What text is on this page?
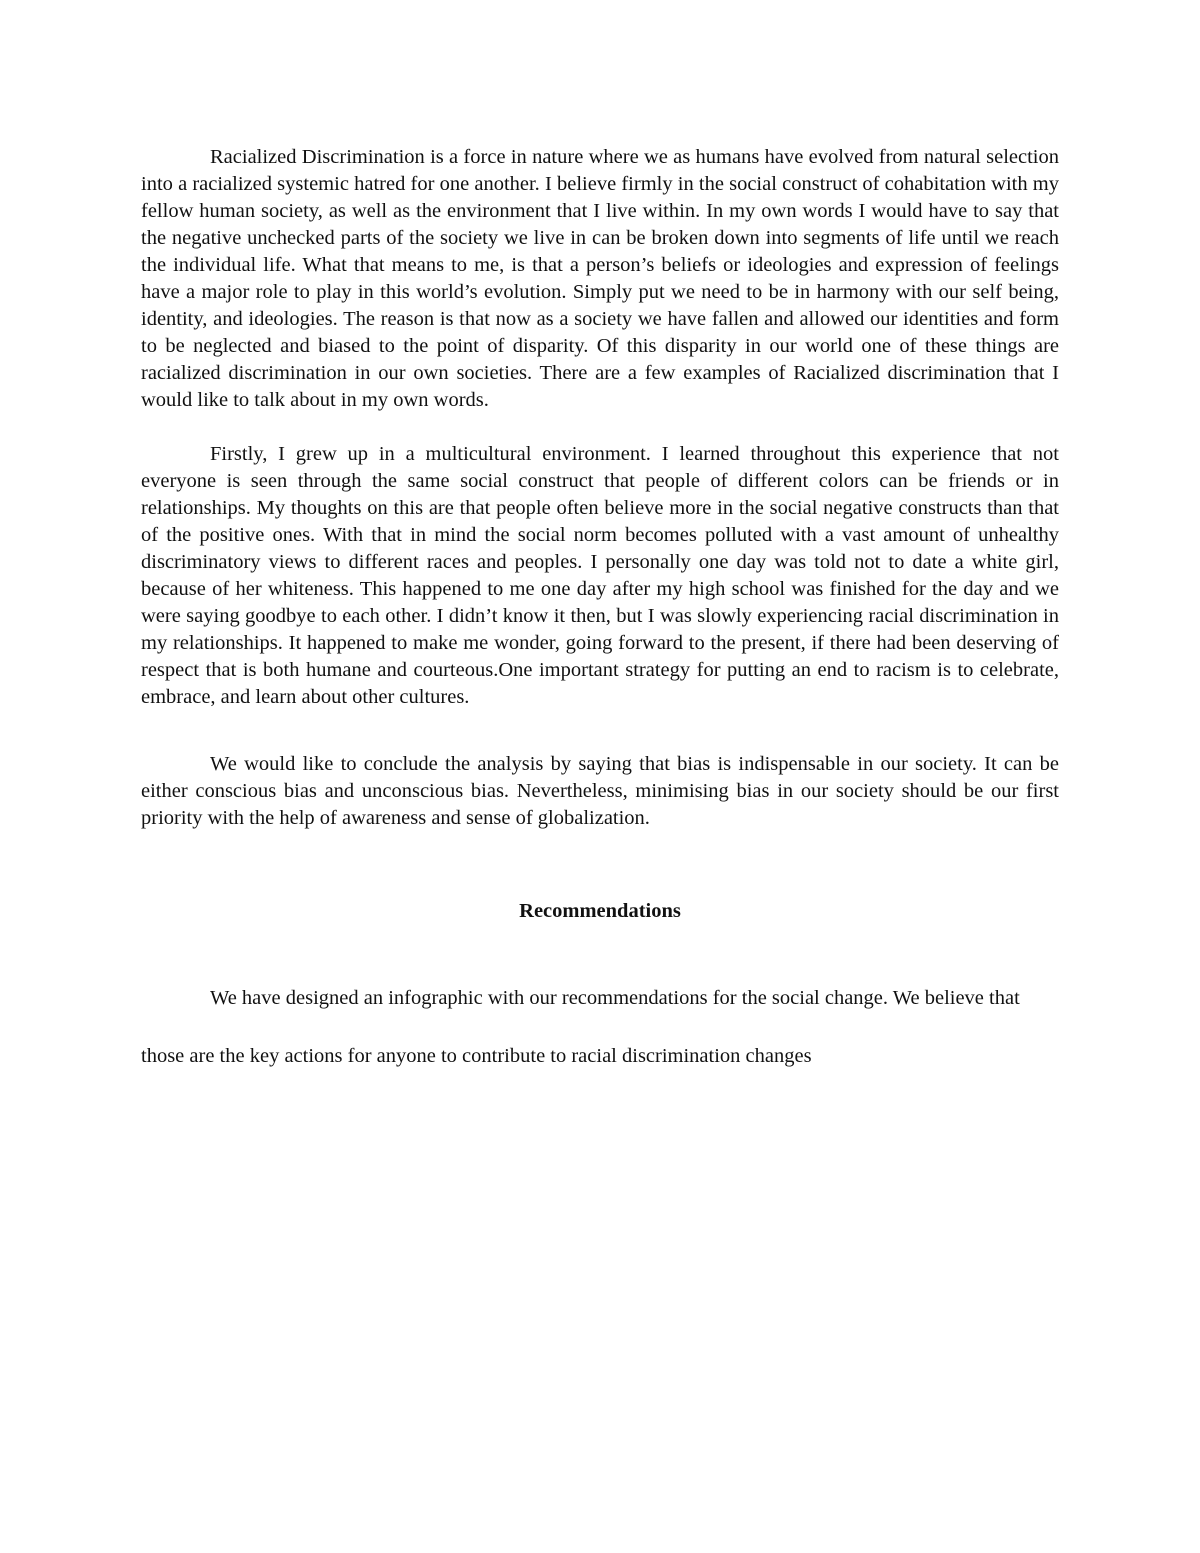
Racialized Discrimination is a force in nature where we as humans have evolved from natural selection into a racialized systemic hatred for one another. I believe firmly in the social construct of cohabitation with my fellow human society, as well as the environment that I live within. In my own words I would have to say that the negative unchecked parts of the society we live in can be broken down into segments of life until we reach the individual life. What that means to me, is that a person’s beliefs or ideologies and expression of feelings have a major role to play in this world’s evolution. Simply put we need to be in harmony with our self being, identity, and ideologies. The reason is that now as a society we have fallen and allowed our identities and form to be neglected and biased to the point of disparity. Of this disparity in our world one of these things are racialized discrimination in our own societies. There are a few examples of Racialized discrimination that I would like to talk about in my own words.

Firstly, I grew up in a multicultural environment. I learned throughout this experience that not everyone is seen through the same social construct that people of different colors can be friends or in relationships. My thoughts on this are that people often believe more in the social negative constructs than that of the positive ones. With that in mind the social norm becomes polluted with a vast amount of unhealthy discriminatory views to different races and peoples. I personally one day was told not to date a white girl, because of her whiteness. This happened to me one day after my high school was finished for the day and we were saying goodbye to each other. I didn’t know it then, but I was slowly experiencing racial discrimination in my relationships. It happened to make me wonder, going forward to the present, if there had been deserving of respect that is both humane and courteous.One important strategy for putting an end to racism is to celebrate, embrace, and learn about other cultures.

We would like to conclude the analysis by saying that bias is indispensable in our society. It can be either conscious bias and unconscious bias. Nevertheless, minimising bias in our society should be our first priority with the help of awareness and sense of globalization.

Recommendations

We have designed an infographic with our recommendations for the social change. We believe that those are the key actions for anyone to contribute to racial discrimination changes
